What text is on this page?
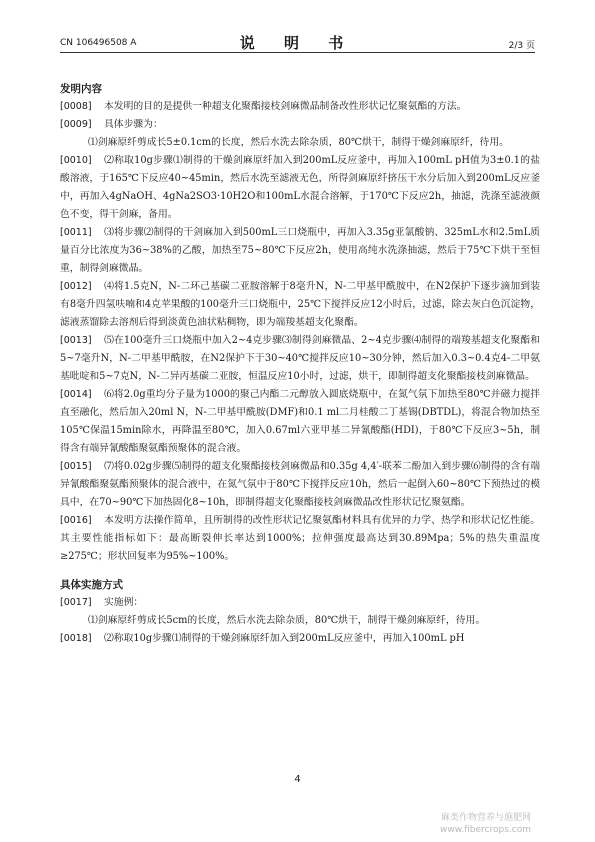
CN 106496508 A	说 明 书	2/3 页
发明内容

[0008] 本发明的目的是提供一种超支化聚酯接枝剑麻微晶制备改性形状记忆聚氨酯的方法。

[0009] 具体步骤为：

⑴剑麻原纤剪成长5±0.1cm的长度，然后水洗去除杂质，80℃烘干，制得干燥剑麻原纤，待用。

[0010] ⑵称取10g步骤⑴制得的干燥剑麻原纤加入到200mL反应釜中，再加入100mL pH值为3±0.1的盐酸溶液，于165℃下反应40~45min，然后水洗至滤液无色，所得剑麻原纤挤压干水分后加入到200mL反应釜中，再加入4gNaOH、4gNa2SO3·10H2O和100mL水混合溶解，于170℃下反应2h，抽滤，洗涤至滤液颜色不变，得干剑麻，备用。

[0011] ⑶将步骤⑵制得的干剑麻加入到500mL三口烧瓶中，再加入3.35g亚氯酸钠、325mL水和2.5mL质量百分比浓度为36~38%的乙酸，加热至75~80℃下反应2h，使用高纯水洗涤抽滤，然后于75℃下烘干至恒重，制得剑麻微晶。

[0012] ⑷将1.5克N，N-二环己基碳二亚胺溶解于8毫升N，N-二甲基甲酰胺中，在N2保护下逐步滴加到装有8毫升四氢呋喃和4克苹果酸的100毫升三口烧瓶中，25℃下搅拌反应12小时后，过滤，除去灰白色沉淀物，滤液蒸馏除去溶剂后得到淡黄色油状粘稠物，即为端羧基超支化聚酯。

[0013] ⑸在100毫升三口烧瓶中加入2~4克步骤⑶制得剑麻微晶、2~4克步骤⑷制得的端羧基超支化聚酯和5~7毫升N，N-二甲基甲酰胺，在N2保护下于30~40℃搅拌反应10~30分钟，然后加入0.3~0.4克4-二甲氨基吡啶和5~7克N，N-二异丙基碳二亚胺，恒温反应10小时，过滤，烘干，即制得超支化聚酯接枝剑麻微晶。

[0014] ⑹将2.0g重均分子量为1000的聚己内酯二元醇放入圆底烧瓶中，在氮气氛下加热至80℃并磁力搅拌直至融化，然后加入20ml N，N-二甲基甲酰胺(DMF)和0.1 ml二月桂酸二丁基锡(DBTDL)，将混合物加热至105℃保温15min除水，再降温至80℃，加入0.67ml六亚甲基二异氰酸酯(HDI)，于80℃下反应3~5h，制得含有端异氰酸酯聚氨酯预聚体的混合液。

[0015] ⑺将0.02g步骤⑸制得的超支化聚酯接枝剑麻微晶和0.35g 4,4′-联苯二酚加入到步骤⑹制得的含有端异氰酸酯聚氨酯预聚体的混合液中，在氮气氛中于80℃下搅拌反应10h，然后一起倒入60~80℃下预热过的模具中，在70~90℃下加热固化8~10h，即制得超支化聚酯接枝剑麻微晶改性形状记忆聚氨酯。

[0016] 本发明方法操作简单，且所制得的改性形状记忆聚氨酯材料具有优异的力学、热学和形状记忆性能。其主要性能指标如下：最高断裂伸长率达到1000%；拉伸强度最高达到30.89Mpa；5%的热失重温度≥275℃；形状回复率为95%~100%。

具体实施方式

[0017] 实施例：

⑴剑麻原纤剪成长5cm的长度，然后水洗去除杂质，80℃烘干，制得干燥剑麻原纤，待用。

[0018] ⑵称取10g步骤⑴制得的干燥剑麻原纤加入到200mL反应釜中，再加入100mL pH

4
麻类作物营养与施肥网
www.fibercrops.com
